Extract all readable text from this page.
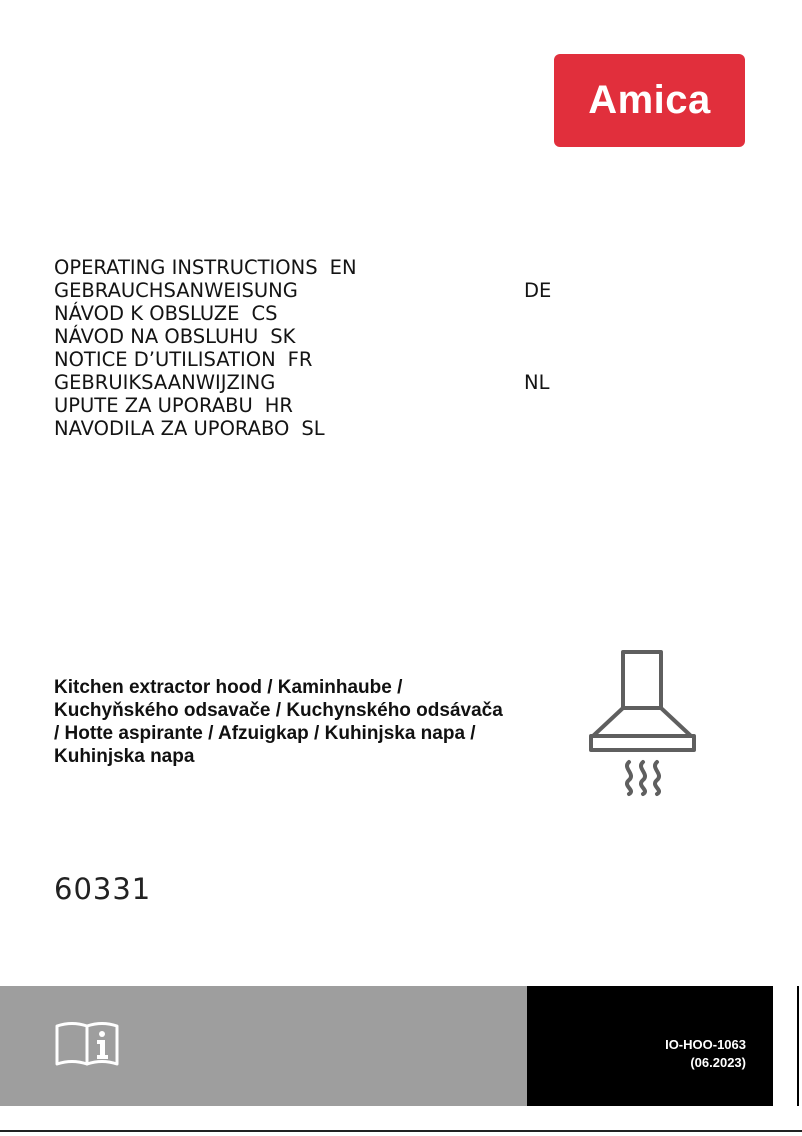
Amica
OPERATING INSTRUCTIONS EN
GEBRAUCHSANWEISUNG	DE
NÁVOD K OBSLUZE CS
NÁVOD NA OBSLUHU SK
NOTICE D’UTILISATION FR
GEBRUIKSAANWIJZING	NL
UPUTE ZA UPORABU HR
NAVODILA ZA UPORABO SL
Kitchen extractor hood / Kaminhaube /
Kuchyňského odsavače / Kuchynského odsávača
/ Hotte aspirante / Afzuigkap / Kuhinjska napa /
Kuhinjska napa
60331
IO-HOO-1063
(06.2023)
